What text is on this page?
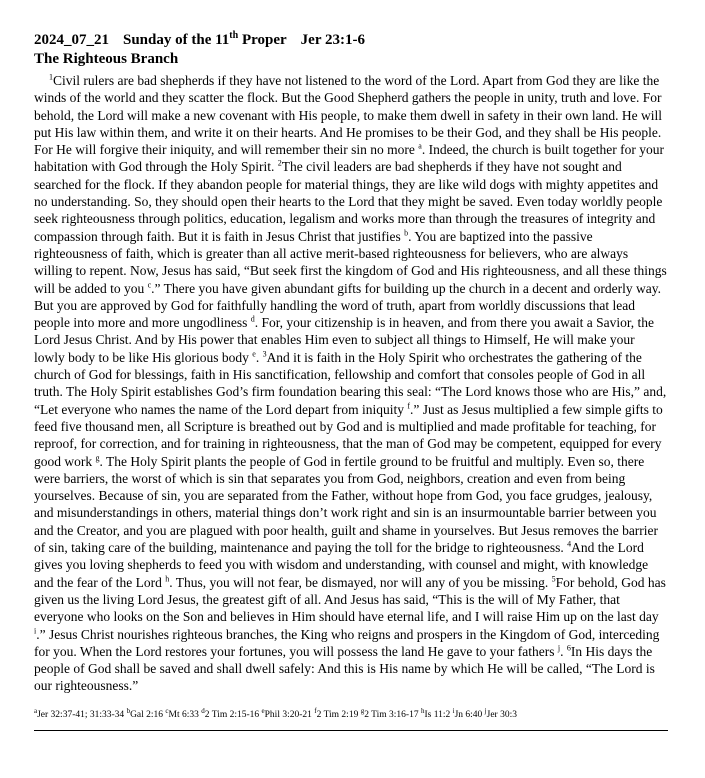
2024_07_21 Sunday of the 11th Proper Jer 23:1-6
The Righteous Branch
$^1$Civil rulers are bad shepherds if they have not listened to the word of the Lord. Apart from God they are like the winds of the world and they scatter the flock. But the Good Shepherd gathers the people in unity, truth and love. For behold, the Lord will make a new covenant with His people, to make them dwell in safety in their own land. He will put His law within them, and write it on their hearts. And He promises to be their God, and they shall be His people. For He will forgive their iniquity, and will remember their sin no more $^a$. Indeed, the church is built together for your habitation with God through the Holy Spirit. $^2$The civil leaders are bad shepherds if they have not sought and searched for the flock. If they abandon people for material things, they are like wild dogs with mighty appetites and no understanding. So, they should open their hearts to the Lord that they might be saved. Even today worldly people seek righteousness through politics, education, legalism and works more than through the treasures of integrity and compassion through faith. But it is faith in Jesus Christ that justifies $^b$. You are baptized into the passive righteousness of faith, which is greater than all active merit-based righteousness for believers, who are always willing to repent. Now, Jesus has said, “But seek first the kingdom of God and His righteousness, and all these things will be added to you $^c$.” There you have given abundant gifts for building up the church in a decent and orderly way. But you are approved by God for faithfully handling the word of truth, apart from worldly discussions that lead people into more and more ungodliness $^d$. For, your citizenship is in heaven, and from there you await a Savior, the Lord Jesus Christ. And by His power that enables Him even to subject all things to Himself, He will make your lowly body to be like His glorious body $^e$. $^3$And it is faith in the Holy Spirit who orchestrates the gathering of the church of God for blessings, faith in His sanctification, fellowship and comfort that consoles people of God in all truth. The Holy Spirit establishes God’s firm foundation bearing this seal: “The Lord knows those who are His,” and, “Let everyone who names the name of the Lord depart from iniquity $^f$.” Just as Jesus multiplied a few simple gifts to feed five thousand men, all Scripture is breathed out by God and is multiplied and made profitable for teaching, for reproof, for correction, and for training in righteousness, that the man of God may be competent, equipped for every good work $^g$. The Holy Spirit plants the people of God in fertile ground to be fruitful and multiply. Even so, there were barriers, the worst of which is sin that separates you from God, neighbors, creation and even from being yourselves. Because of sin, you are separated from the Father, without hope from God, you face grudges, jealousy, and misunderstandings in others, material things don’t work right and sin is an insurmountable barrier between you and the Creator, and you are plagued with poor health, guilt and shame in yourselves. But Jesus removes the barrier of sin, taking care of the building, maintenance and paying the toll for the bridge to righteousness. $^4$And the Lord gives you loving shepherds to feed you with wisdom and understanding, with counsel and might, with knowledge and the fear of the Lord $^h$. Thus, you will not fear, be dismayed, nor will any of you be missing. $^5$For behold, God has given us the living Lord Jesus, the greatest gift of all. And Jesus has said, “This is the will of My Father, that everyone who looks on the Son and believes in Him should have eternal life, and I will raise Him up on the last day $^i$.” Jesus Christ nourishes righteous branches, the King who reigns and prospers in the Kingdom of God, interceding for you. When the Lord restores your fortunes, you will possess the land He gave to your fathers $^j$. $^6$In His days the people of God shall be saved and shall dwell safely: And this is His name by which He will be called, “The Lord is our righteousness.”
$^a$Jer 32:37-41; 31:33-34 $^b$Gal 2:16 $^c$Mt 6:33 $^d$2 Tim 2:15-16 $^e$Phil 3:20-21 $^f$2 Tim 2:19 $^g$2 Tim 3:16-17 $^h$Is 11:2 $^i$Jn 6:40 $^j$Jer 30:3
